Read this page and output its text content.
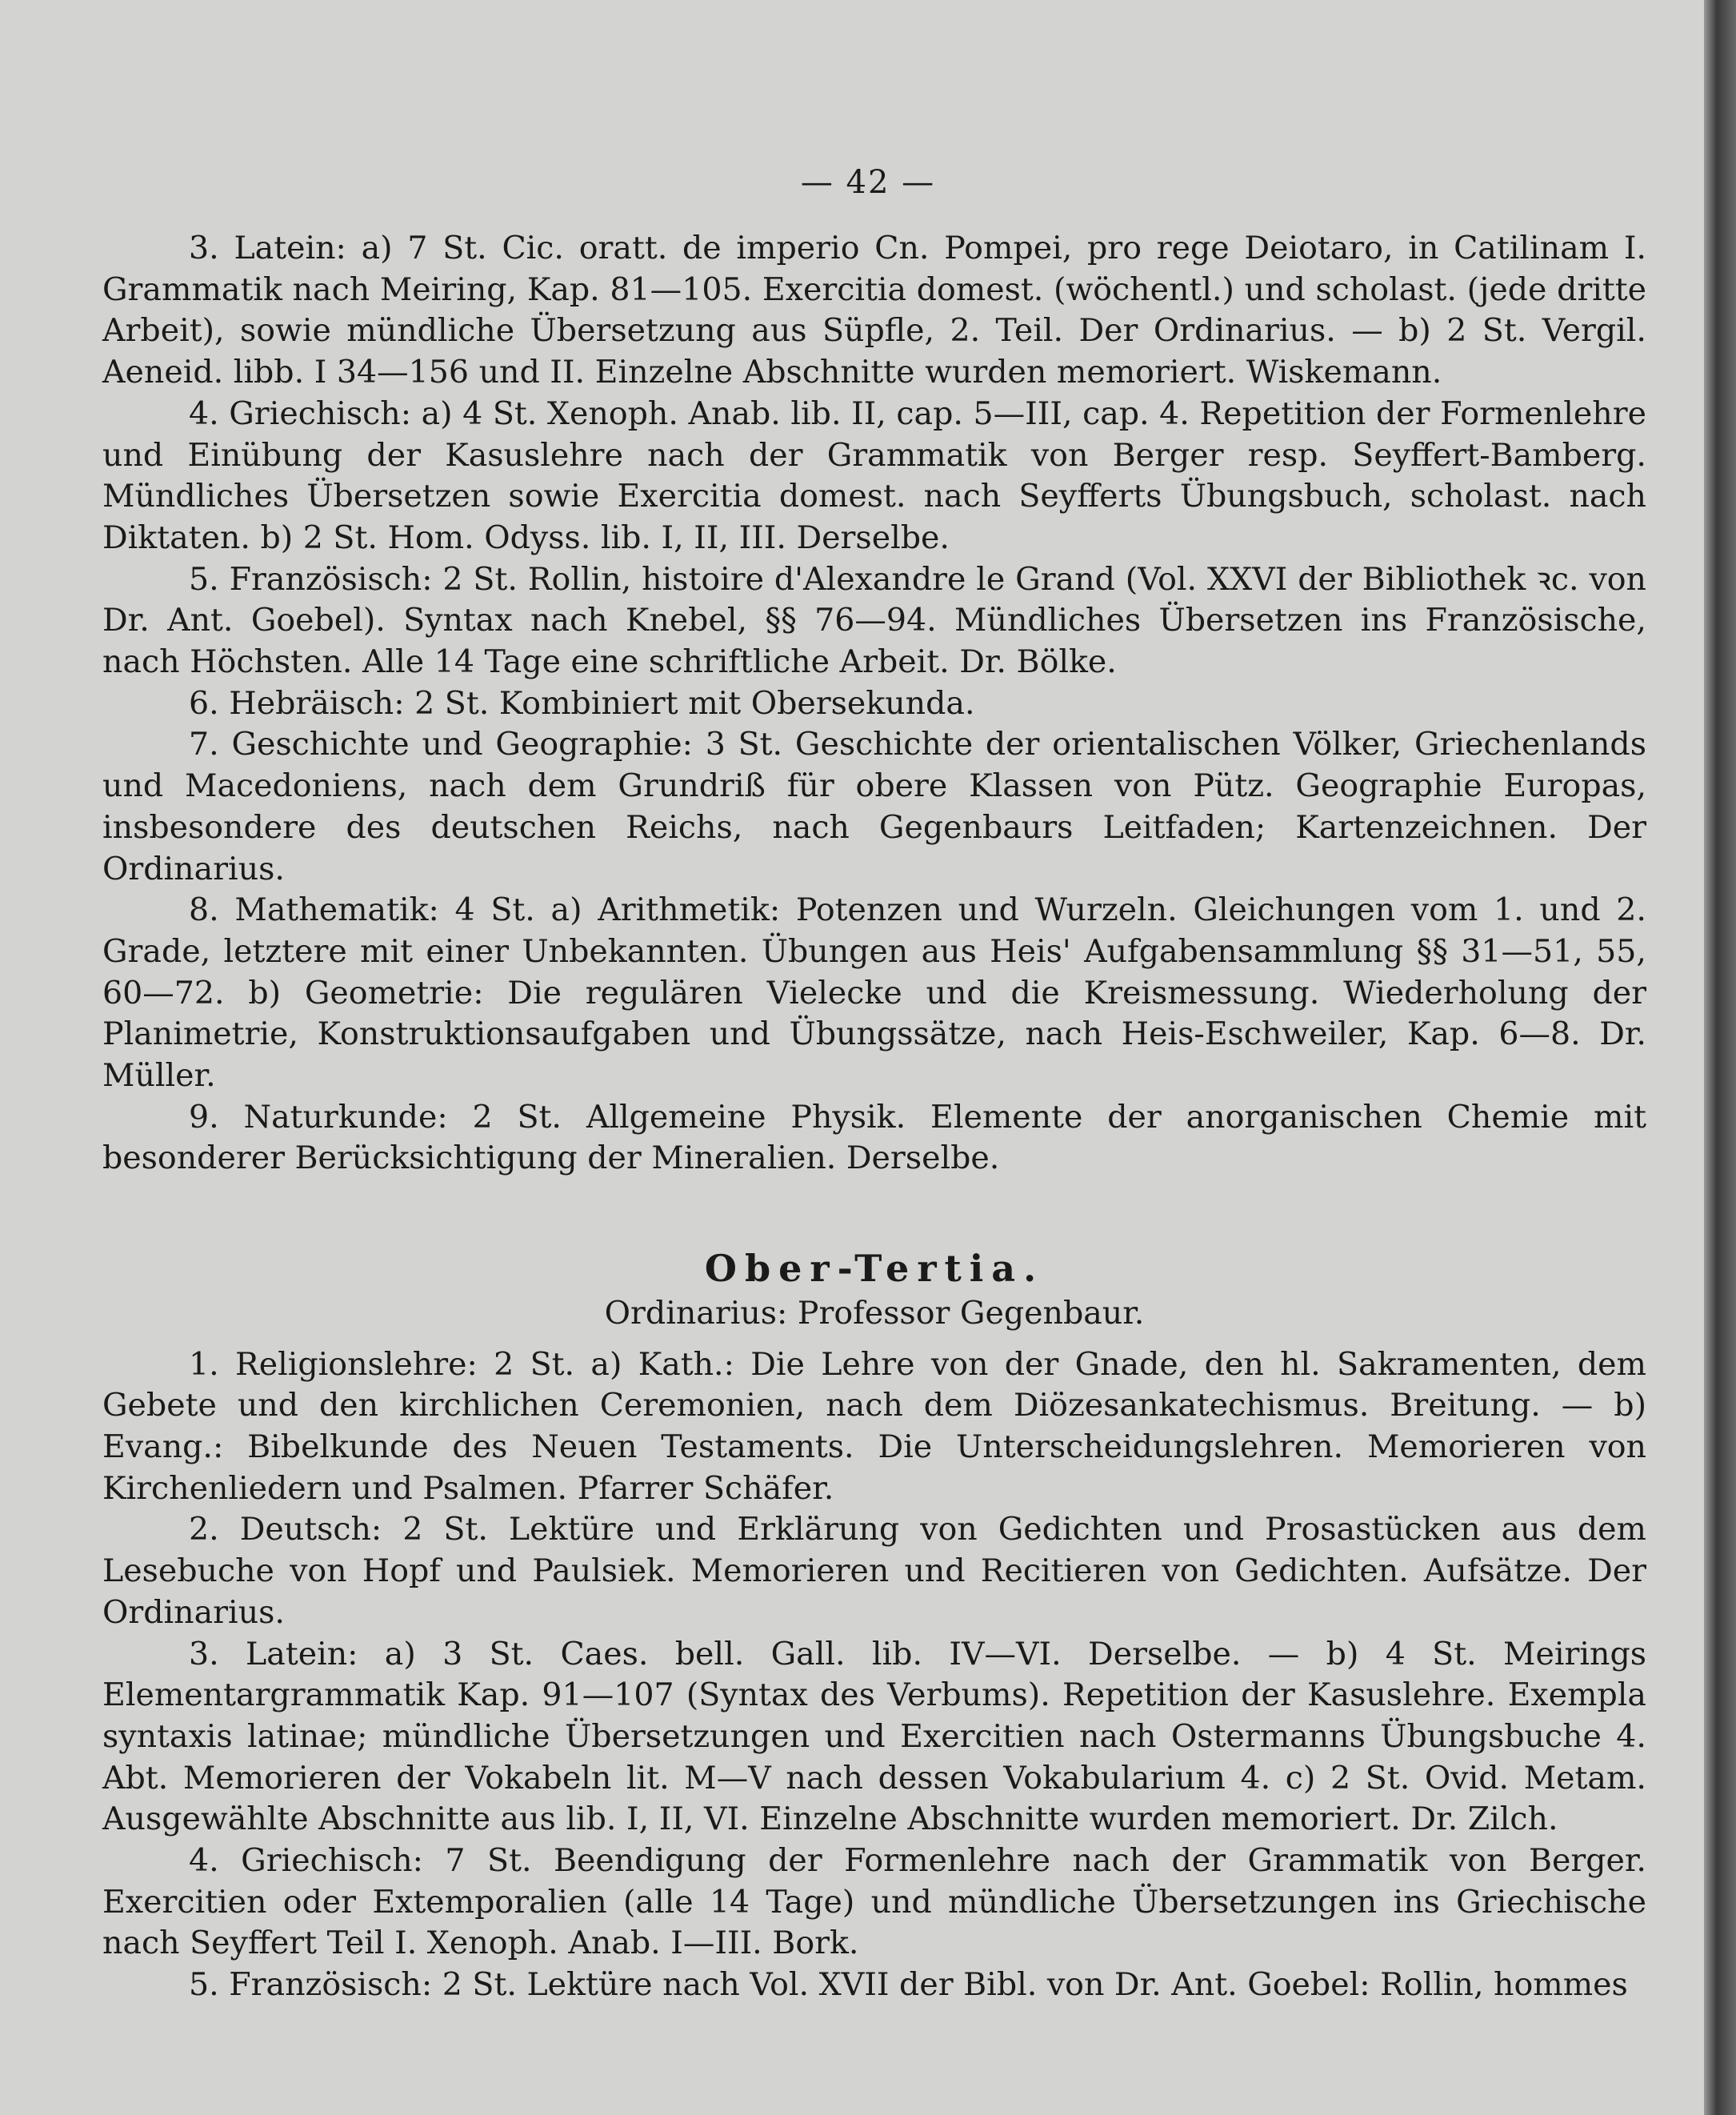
— 42 —

3. Latein: a) 7 St. Cic. oratt. de imperio Cn. Pompei, pro rege Deiotaro, in Catilinam I. Grammatik nach Meiring, Kap. 81—105. Exercitia domest. (wöchentl.) und scholast. (jede dritte Arbeit), sowie mündliche Übersetzung aus Süpfle, 2. Teil. Der Ordinarius. — b) 2 St. Vergil. Aeneid. libb. I 34—156 und II. Einzelne Abschnitte wurden memoriert. Wiskemann.

4. Griechisch: a) 4 St. Xenoph. Anab. lib. II, cap. 5—III, cap. 4. Repetition der Formenlehre und Einübung der Kasuslehre nach der Grammatik von Berger resp. Seyffert-Bamberg. Mündliches Übersetzen sowie Exercitia domest. nach Seyfferts Übungsbuch, scholast. nach Diktaten. b) 2 St. Hom. Odyss. lib. I, II, III. Derselbe.

5. Französisch: 2 St. Rollin, histoire d'Alexandre le Grand (Vol. XXVI der Bibliothek ꝛc. von Dr. Ant. Goebel). Syntax nach Knebel, §§ 76—94. Mündliches Übersetzen ins Französische, nach Höchsten. Alle 14 Tage eine schriftliche Arbeit. Dr. Bölke.

6. Hebräisch: 2 St. Kombiniert mit Obersekunda.

7. Geschichte und Geographie: 3 St. Geschichte der orientalischen Völker, Griechenlands und Macedoniens, nach dem Grundriß für obere Klassen von Pütz. Geographie Europas, insbesondere des deutschen Reichs, nach Gegenbaurs Leitfaden; Kartenzeichnen. Der Ordinarius.

8. Mathematik: 4 St. a) Arithmetik: Potenzen und Wurzeln. Gleichungen vom 1. und 2. Grade, letztere mit einer Unbekannten. Übungen aus Heis' Aufgabensammlung §§ 31—51, 55, 60—72. b) Geometrie: Die regulären Vielecke und die Kreismessung. Wiederholung der Planimetrie, Konstruktionsaufgaben und Übungssätze, nach Heis-Eschweiler, Kap. 6—8. Dr. Müller.

9. Naturkunde: 2 St. Allgemeine Physik. Elemente der anorganischen Chemie mit besonderer Berücksichtigung der Mineralien. Derselbe.

Ober-Tertia.

Ordinarius: Professor Gegenbaur.

1. Religionslehre: 2 St. a) Kath.: Die Lehre von der Gnade, den hl. Sakramenten, dem Gebete und den kirchlichen Ceremonien, nach dem Diözesankatechismus. Breitung. — b) Evang.: Bibelkunde des Neuen Testaments. Die Unterscheidungslehren. Memorieren von Kirchenliedern und Psalmen. Pfarrer Schäfer.

2. Deutsch: 2 St. Lektüre und Erklärung von Gedichten und Prosastücken aus dem Lesebuche von Hopf und Paulsiek. Memorieren und Recitieren von Gedichten. Aufsätze. Der Ordinarius.

3. Latein: a) 3 St. Caes. bell. Gall. lib. IV—VI. Derselbe. — b) 4 St. Meirings Elementargrammatik Kap. 91—107 (Syntax des Verbums). Repetition der Kasuslehre. Exempla syntaxis latinae; mündliche Übersetzungen und Exercitien nach Ostermanns Übungsbuche 4. Abt. Memorieren der Vokabeln lit. M—V nach dessen Vokabularium 4. c) 2 St. Ovid. Metam. Ausgewählte Abschnitte aus lib. I, II, VI. Einzelne Abschnitte wurden memoriert. Dr. Zilch.

4. Griechisch: 7 St. Beendigung der Formenlehre nach der Grammatik von Berger. Exercitien oder Extemporalien (alle 14 Tage) und mündliche Übersetzungen ins Griechische nach Seyffert Teil I. Xenoph. Anab. I—III. Bork.

5. Französisch: 2 St. Lektüre nach Vol. XVII der Bibl. von Dr. Ant. Goebel: Rollin, hommes
